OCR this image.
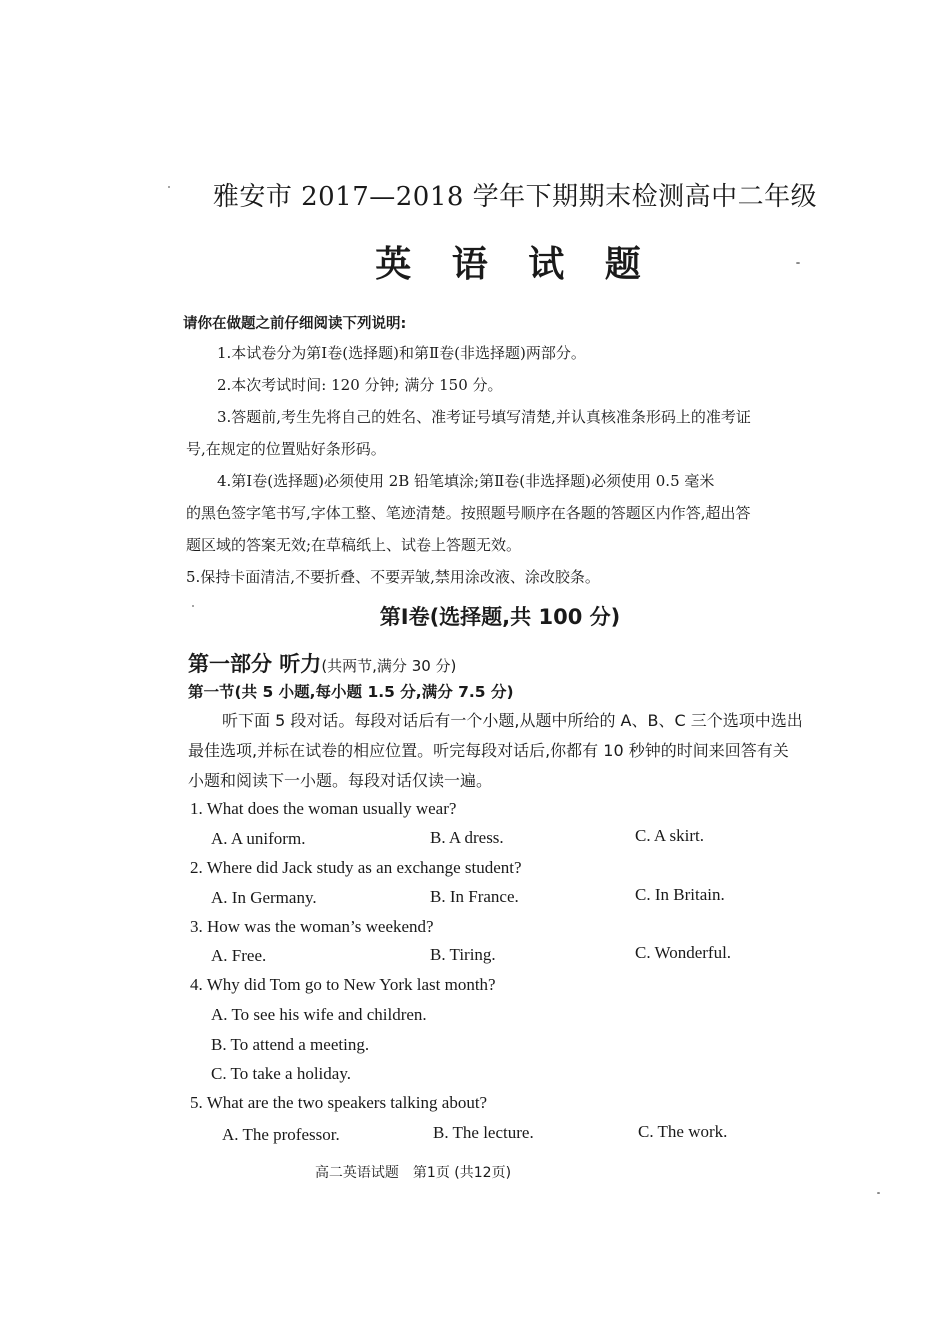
雅安市 2017—2018 学年下期期末检测高中二年级
英 语 试 题
请你在做题之前仔细阅读下列说明:
1.本试卷分为第Ⅰ卷(选择题)和第Ⅱ卷(非选择题)两部分。
2.本次考试时间: 120 分钟; 满分 150 分。
3.答题前,考生先将自己的姓名、准考证号填写清楚,并认真核准条形码上的准考证
号,在规定的位置贴好条形码。
4.第Ⅰ卷(选择题)必须使用 2B 铅笔填涂;第Ⅱ卷(非选择题)必须使用 0.5 毫米
的黑色签字笔书写,字体工整、笔迹清楚。按照题号顺序在各题的答题区内作答,超出答
题区域的答案无效;在草稿纸上、试卷上答题无效。
5.保持卡面清洁,不要折叠、不要弄皱,禁用涂改液、涂改胶条。
第Ⅰ卷(选择题,共 100 分)
第一部分 听力(共两节,满分 30 分)
第一节(共 5 小题,每小题 1.5 分,满分 7.5 分)
听下面 5 段对话。每段对话后有一个小题,从题中所给的 A、B、C 三个选项中选出
最佳选项,并标在试卷的相应位置。听完每段对话后,你都有 10 秒钟的时间来回答有关
小题和阅读下一小题。每段对话仅读一遍。
1. What does the woman usually wear?
A. A uniform.	B. A dress.	C. A skirt.
2. Where did Jack study as an exchange student?
A. In Germany.	B. In France.	C. In Britain.
3. How was the woman’s weekend?
A. Free.	B. Tiring.	C. Wonderful.
4. Why did Tom go to New York last month?
A. To see his wife and children.
B. To attend a meeting.
C. To take a holiday.
5. What are the two speakers talking about?
A. The professor.	B. The lecture.	C. The work.
高二英语试题　第1页 (共12页)
